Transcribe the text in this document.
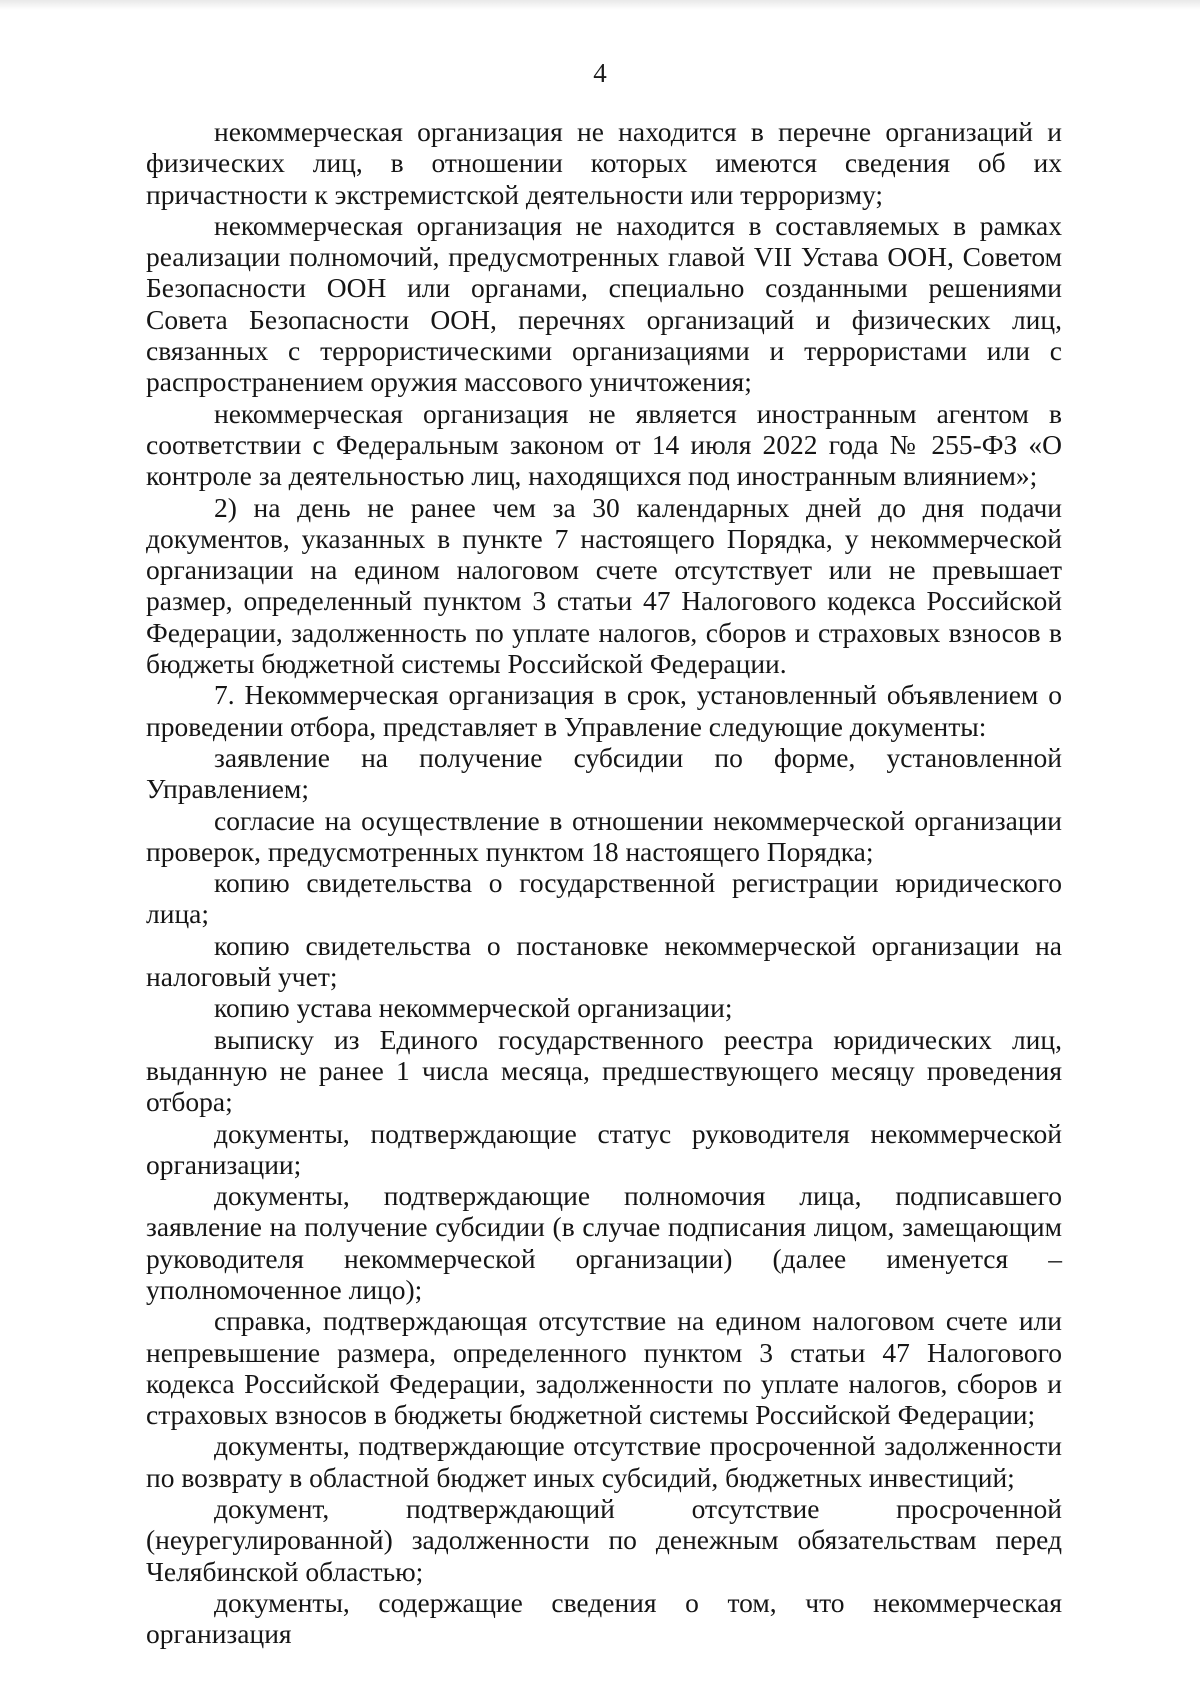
4

некоммерческая организация не находится в перечне организаций и физических лиц, в отношении которых имеются сведения об их причастности к экстремистской деятельности или терроризму;

некоммерческая организация не находится в составляемых в рамках реализации полномочий, предусмотренных главой VII Устава ООН, Советом Безопасности ООН или органами, специально созданными решениями Совета Безопасности ООН, перечнях организаций и физических лиц, связанных с террористическими организациями и террористами или с распространением оружия массового уничтожения;

некоммерческая организация не является иностранным агентом в соответствии с Федеральным законом от 14 июля 2022 года № 255-ФЗ «О контроле за деятельностью лиц, находящихся под иностранным влиянием»;

2) на день не ранее чем за 30 календарных дней до дня подачи документов, указанных в пункте 7 настоящего Порядка, у некоммерческой организации на едином налоговом счете отсутствует или не превышает размер, определенный пунктом 3 статьи 47 Налогового кодекса Российской Федерации, задолженность по уплате налогов, сборов и страховых взносов в бюджеты бюджетной системы Российской Федерации.

7. Некоммерческая организация в срок, установленный объявлением о проведении отбора, представляет в Управление следующие документы:

заявление на получение субсидии по форме, установленной Управлением;

согласие на осуществление в отношении некоммерческой организации проверок, предусмотренных пунктом 18 настоящего Порядка;

копию свидетельства о государственной регистрации юридического лица;

копию свидетельства о постановке некоммерческой организации на налоговый учет;

копию устава некоммерческой организации;

выписку из Единого государственного реестра юридических лиц, выданную не ранее 1 числа месяца, предшествующего месяцу проведения отбора;

документы, подтверждающие статус руководителя некоммерческой организации;

документы, подтверждающие полномочия лица, подписавшего заявление на получение субсидии (в случае подписания лицом, замещающим руководителя некоммерческой организации) (далее именуется – уполномоченное лицо);

справка, подтверждающая отсутствие на едином налоговом счете или непревышение размера, определенного пунктом 3 статьи 47 Налогового кодекса Российской Федерации, задолженности по уплате налогов, сборов и страховых взносов в бюджеты бюджетной системы Российской Федерации;

документы, подтверждающие отсутствие просроченной задолженности по возврату в областной бюджет иных субсидий, бюджетных инвестиций;

документ, подтверждающий отсутствие просроченной (неурегулированной) задолженности по денежным обязательствам перед Челябинской областью;

документы, содержащие сведения о том, что некоммерческая организация
